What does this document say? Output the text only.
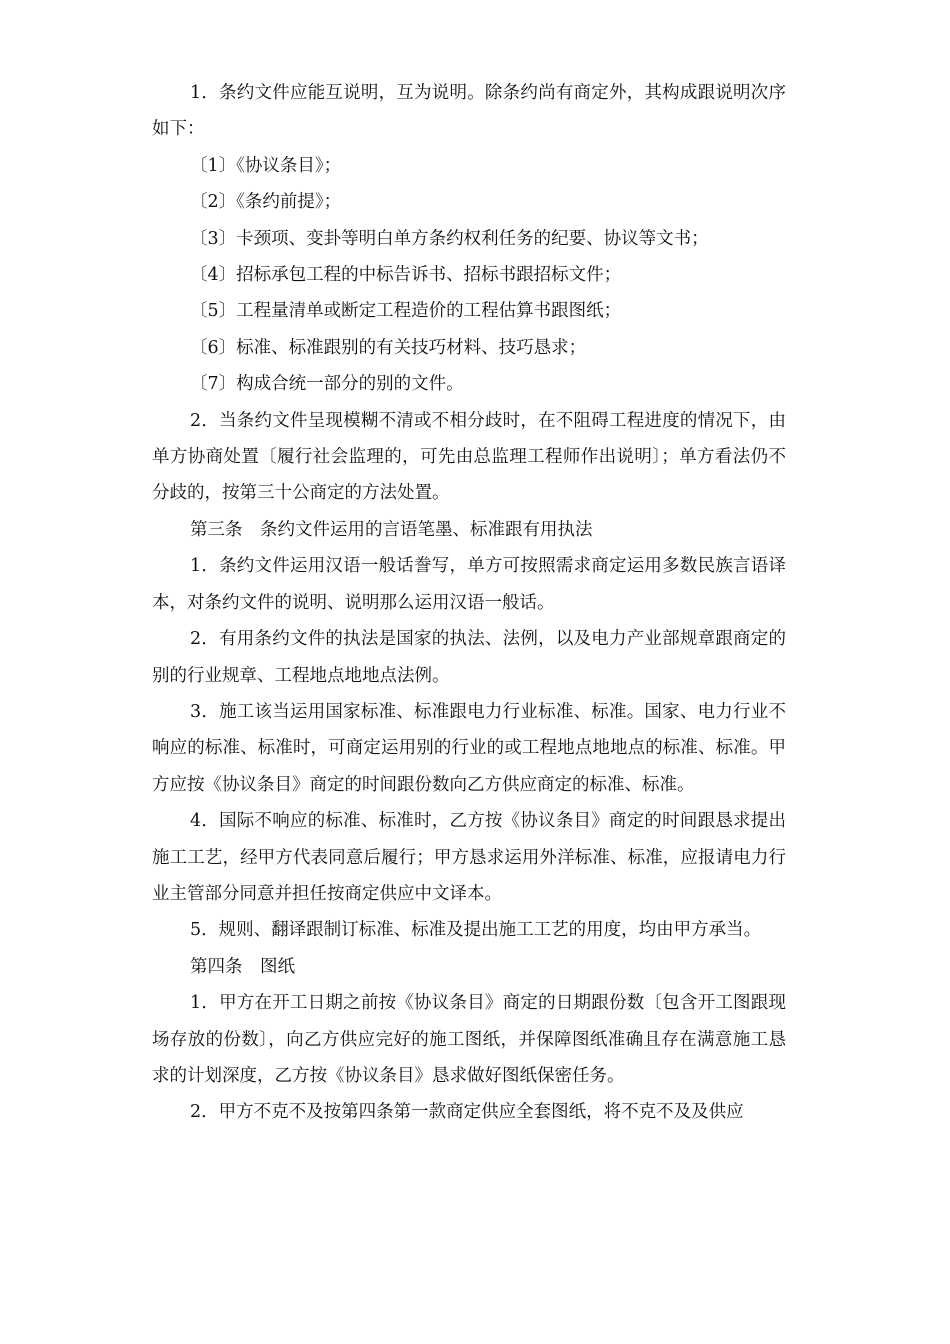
1．条约文件应能互说明，互为说明。除条约尚有商定外，其构成跟说明次序如下：

〔1〕《协议条目》；

〔2〕《条约前提》；

〔3〕卡颈项、变卦等明白单方条约权利任务的纪要、协议等文书；

〔4〕招标承包工程的中标告诉书、招标书跟招标文件；

〔5〕工程量清单或断定工程造价的工程估算书跟图纸；

〔6〕标准、标准跟别的有关技巧材料、技巧恳求；

〔7〕构成合统一部分的别的文件。

2．当条约文件呈现模糊不清或不相分歧时，在不阻碍工程进度的情况下，由单方协商处置〔履行社会监理的，可先由总监理工程师作出说明〕；单方看法仍不分歧的，按第三十公商定的方法处置。

第三条　条约文件运用的言语笔墨、标准跟有用执法

1．条约文件运用汉语一般话誊写，单方可按照需求商定运用多数民族言语译本，对条约文件的说明、说明那么运用汉语一般话。

2．有用条约文件的执法是国家的执法、法例，以及电力产业部规章跟商定的别的行业规章、工程地点地地点法例。

3．施工该当运用国家标准、标准跟电力行业标准、标准。国家、电力行业不响应的标准、标准时，可商定运用别的行业的或工程地点地地点的标准、标准。甲方应按《协议条目》商定的时间跟份数向乙方供应商定的标准、标准。

4．国际不响应的标准、标准时，乙方按《协议条目》商定的时间跟恳求提出施工工艺，经甲方代表同意后履行；甲方恳求运用外洋标准、标准，应报请电力行业主管部分同意并担任按商定供应中文译本。

5．规则、翻译跟制订标准、标准及提出施工工艺的用度，均由甲方承当。

第四条　图纸

1．甲方在开工日期之前按《协议条目》商定的日期跟份数〔包含开工图跟现场存放的份数〕，向乙方供应完好的施工图纸，并保障图纸准确且存在满意施工恳求的计划深度，乙方按《协议条目》恳求做好图纸保密任务。

2．甲方不克不及按第四条第一款商定供应全套图纸，将不克不及及供应
